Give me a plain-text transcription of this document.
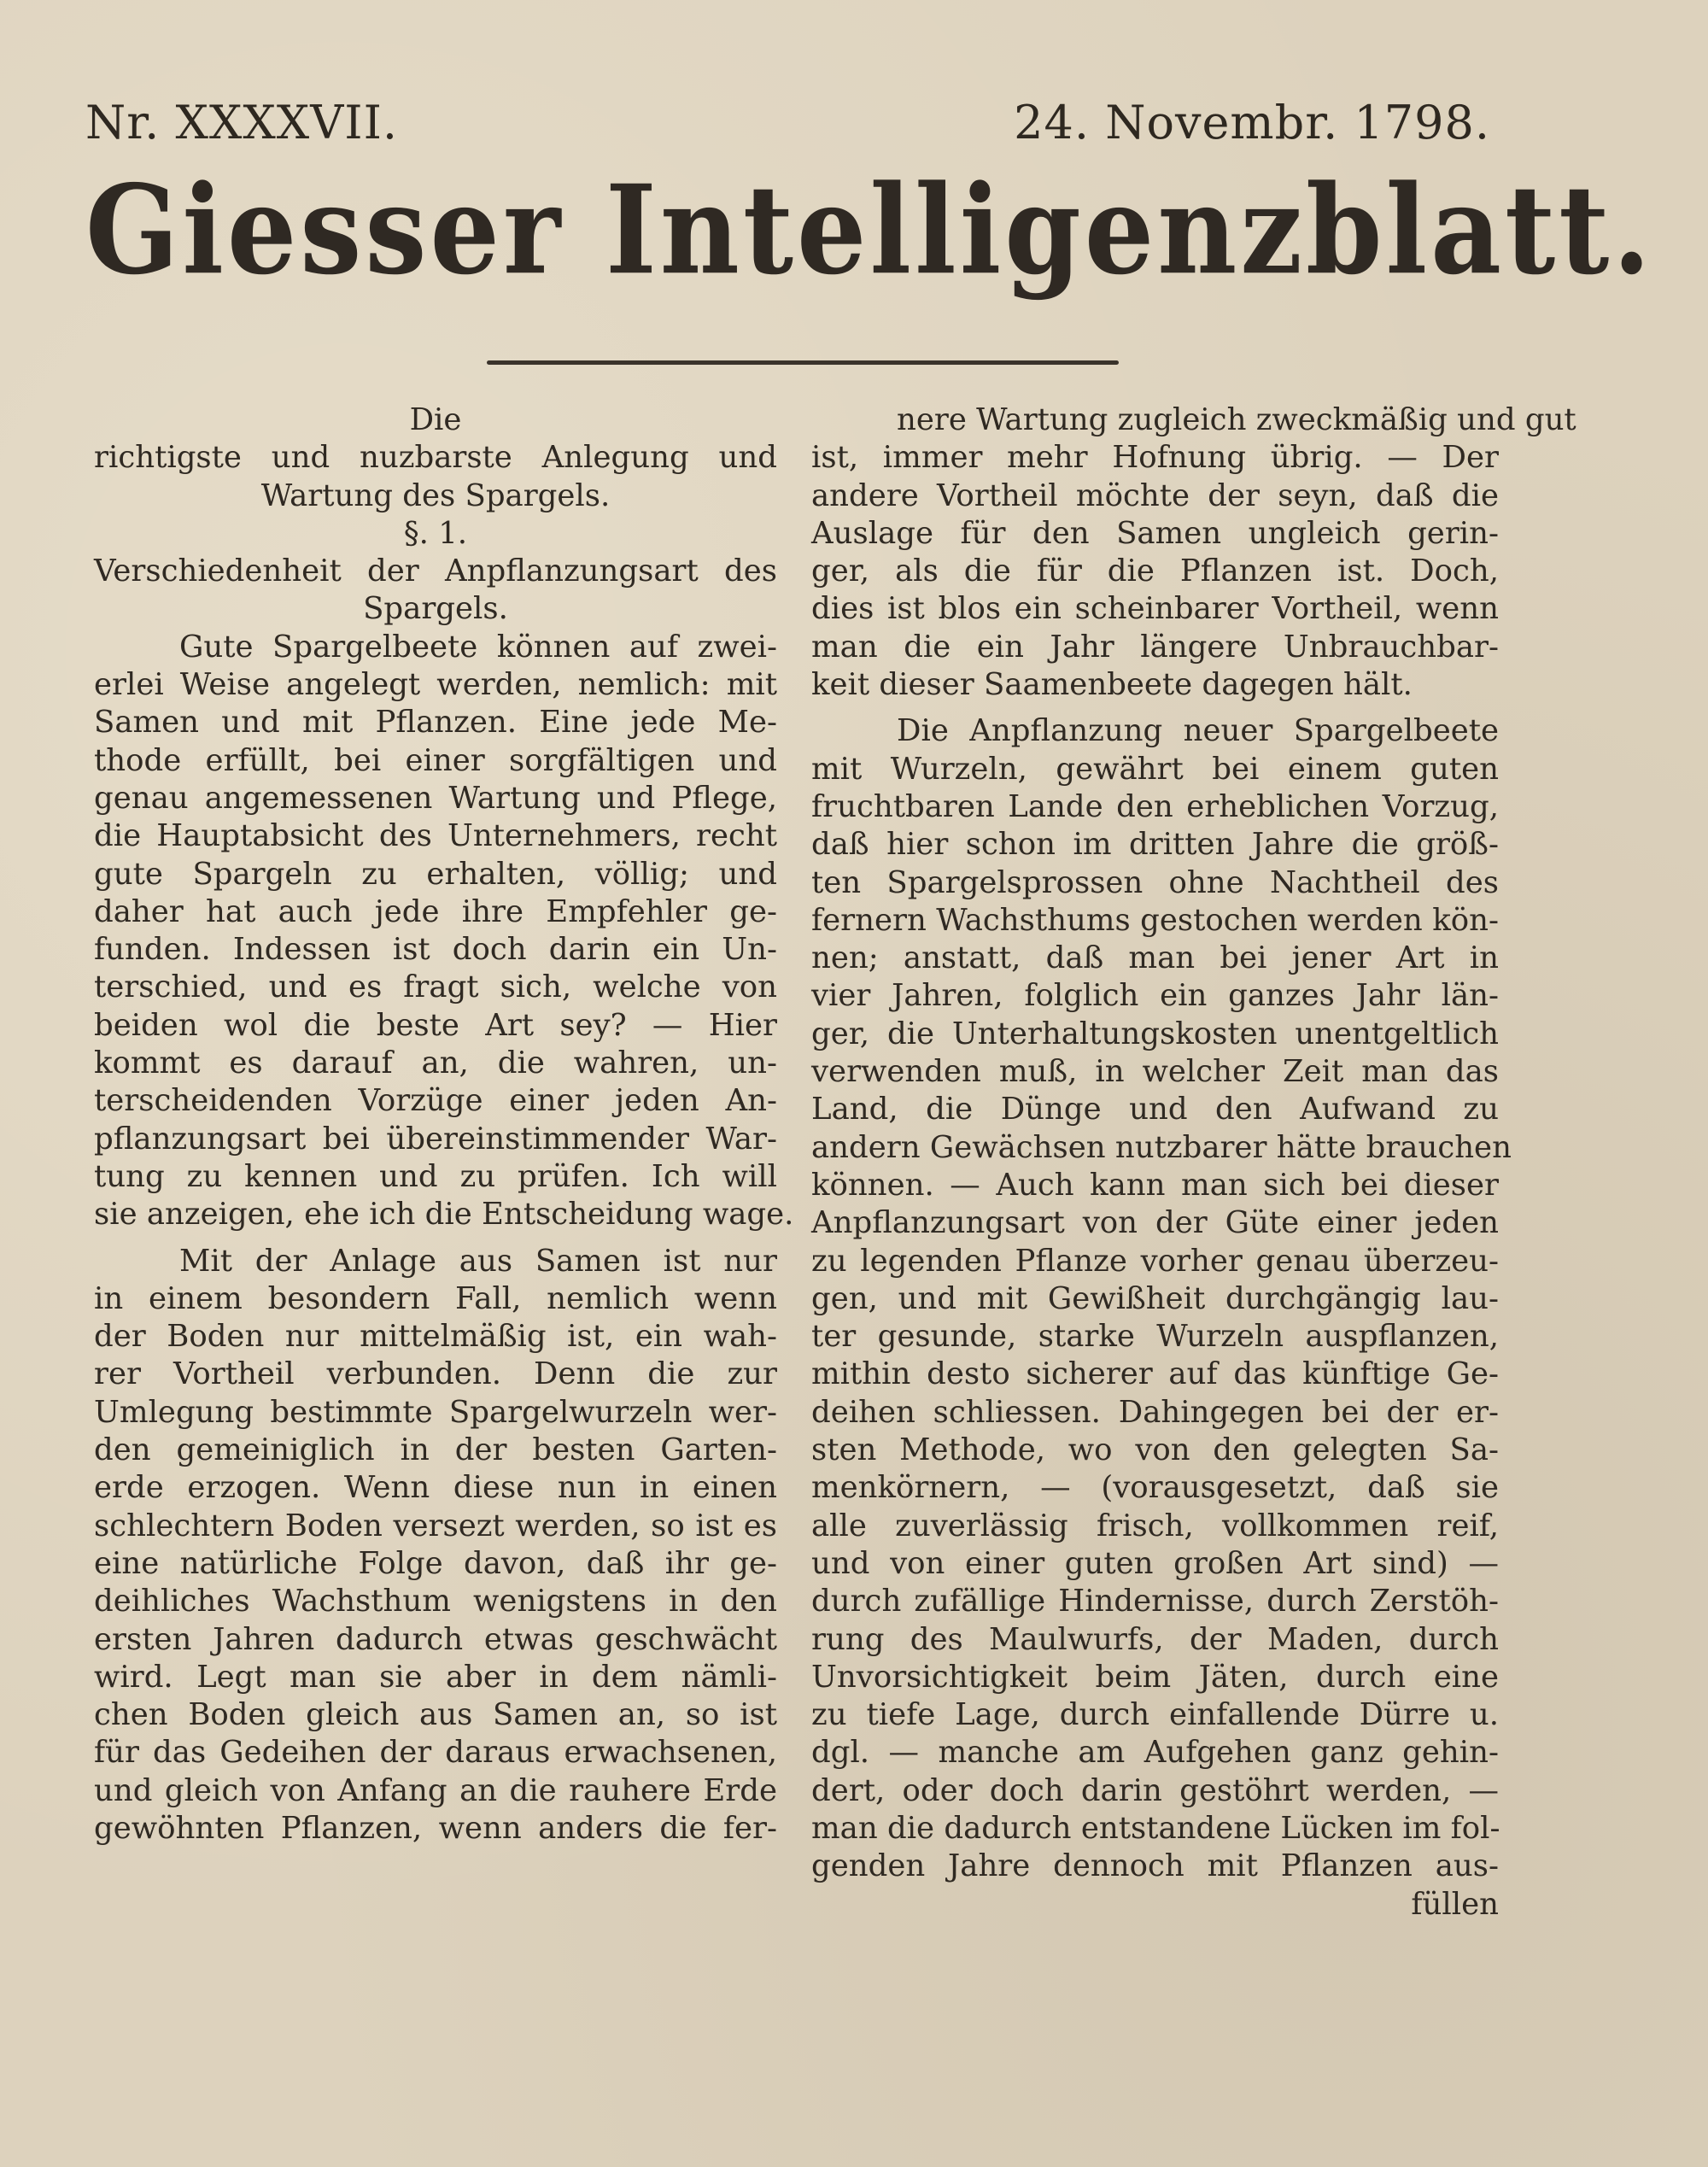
Nr. XXXXVII.	24. Novembr. 1798.
Giesser Intelligenzblatt.
Die
richtigste und nuzbarste Anlegung und
Wartung des Spargels.
§. 1.
Verschiedenheit der Anpflanzungsart des
Spargels.
Gute Spargelbeete können auf zwei-
erlei Weise angelegt werden, nemlich: mit
Samen und mit Pflanzen. Eine jede Me-
thode erfüllt, bei einer sorgfältigen und
genau angemessenen Wartung und Pflege,
die Hauptabsicht des Unternehmers, recht
gute Spargeln zu erhalten, völlig; und
daher hat auch jede ihre Empfehler ge-
funden. Indessen ist doch darin ein Un-
terschied, und es fragt sich, welche von
beiden wol die beste Art sey? — Hier
kommt es darauf an, die wahren, un-
terscheidenden Vorzüge einer jeden An-
pflanzungsart bei übereinstimmender War-
tung zu kennen und zu prüfen. Ich will
sie anzeigen, ehe ich die Entscheidung wage.
Mit der Anlage aus Samen ist nur
in einem besondern Fall, nemlich wenn
der Boden nur mittelmäßig ist, ein wah-
rer Vortheil verbunden. Denn die zur
Umlegung bestimmte Spargelwurzeln wer-
den gemeiniglich in der besten Garten-
erde erzogen. Wenn diese nun in einen
schlechtern Boden versezt werden, so ist es
eine natürliche Folge davon, daß ihr ge-
deihliches Wachsthum wenigstens in den
ersten Jahren dadurch etwas geschwächt
wird. Legt man sie aber in dem nämli-
chen Boden gleich aus Samen an, so ist
für das Gedeihen der daraus erwachsenen,
und gleich von Anfang an die rauhere Erde
gewöhnten Pflanzen, wenn anders die fer-
nere Wartung zugleich zweckmäßig und gut
ist, immer mehr Hofnung übrig. — Der
andere Vortheil möchte der seyn, daß die
Auslage für den Samen ungleich gerin-
ger, als die für die Pflanzen ist. Doch,
dies ist blos ein scheinbarer Vortheil, wenn
man die ein Jahr längere Unbrauchbar-
keit dieser Saamenbeete dagegen hält.
Die Anpflanzung neuer Spargelbeete
mit Wurzeln, gewährt bei einem guten
fruchtbaren Lande den erheblichen Vorzug,
daß hier schon im dritten Jahre die größ-
ten Spargelsprossen ohne Nachtheil des
fernern Wachsthums gestochen werden kön-
nen; anstatt, daß man bei jener Art in
vier Jahren, folglich ein ganzes Jahr län-
ger, die Unterhaltungskosten unentgeltlich
verwenden muß, in welcher Zeit man das
Land, die Dünge und den Aufwand zu
andern Gewächsen nutzbarer hätte brauchen
können. — Auch kann man sich bei dieser
Anpflanzungsart von der Güte einer jeden
zu legenden Pflanze vorher genau überzeu-
gen, und mit Gewißheit durchgängig lau-
ter gesunde, starke Wurzeln auspflanzen,
mithin desto sicherer auf das künftige Ge-
deihen schliessen. Dahingegen bei der er-
sten Methode, wo von den gelegten Sa-
menkörnern, — (vorausgesetzt, daß sie
alle zuverlässig frisch, vollkommen reif,
und von einer guten großen Art sind) —
durch zufällige Hindernisse, durch Zerstöh-
rung des Maulwurfs, der Maden, durch
Unvorsichtigkeit beim Jäten, durch eine
zu tiefe Lage, durch einfallende Dürre u.
dgl. — manche am Aufgehen ganz gehin-
dert, oder doch darin gestöhrt werden, —
man die dadurch entstandene Lücken im fol-
genden Jahre dennoch mit Pflanzen aus-
füllen
